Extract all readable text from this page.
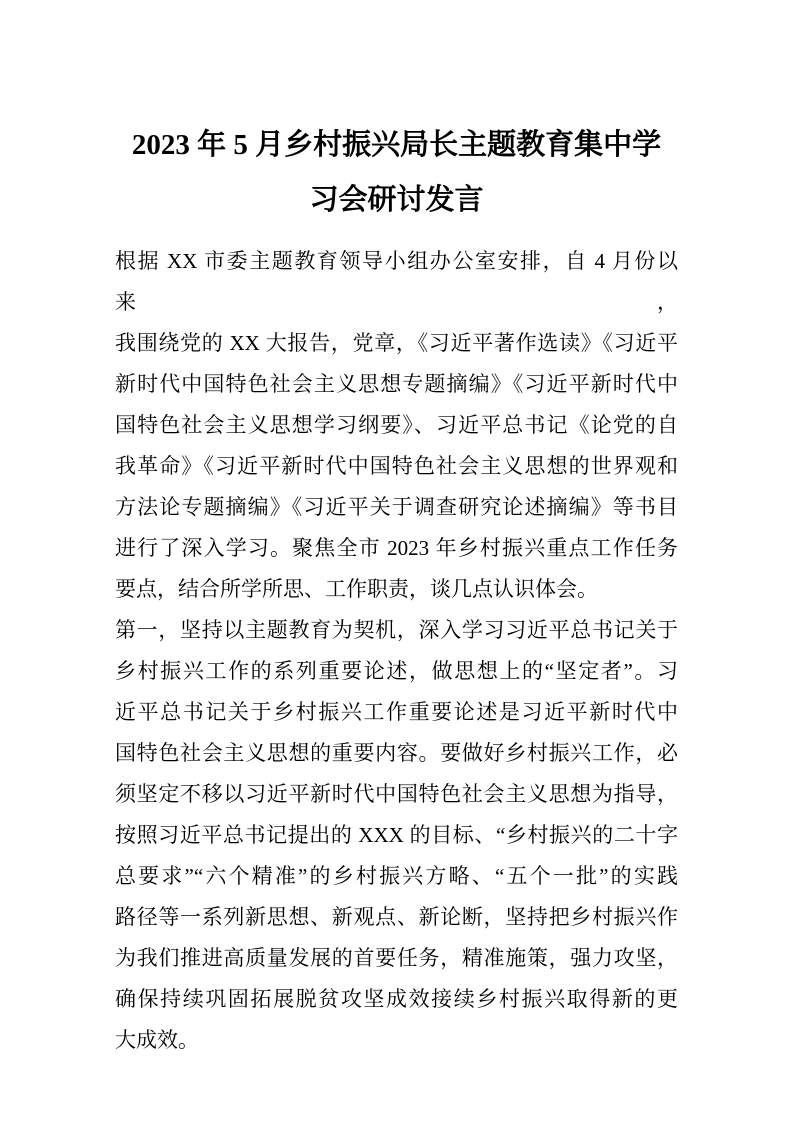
2023 年 5 月乡村振兴局长主题教育集中学
习会研讨发言
根据 XX 市委主题教育领导小组办公室安排，自 4 月份以来，
我围绕党的 XX 大报告，党章，《习近平著作选读》《习近平
新时代中国特色社会主义思想专题摘编》《习近平新时代中
国特色社会主义思想学习纲要》、习近平总书记《论党的自
我革命》《习近平新时代中国特色社会主义思想的世界观和
方法论专题摘编》《习近平关于调查研究论述摘编》等书目
进行了深入学习。聚焦全市 2023 年乡村振兴重点工作任务
要点，结合所学所思、工作职责，谈几点认识体会。
第一，坚持以主题教育为契机，深入学习习近平总书记关于
乡村振兴工作的系列重要论述，做思想上的“坚定者”。习
近平总书记关于乡村振兴工作重要论述是习近平新时代中
国特色社会主义思想的重要内容。要做好乡村振兴工作，必
须坚定不移以习近平新时代中国特色社会主义思想为指导，
按照习近平总书记提出的 XXX 的目标、“乡村振兴的二十字
总要求”“六个精准”的乡村振兴方略、“五个一批”的实践
路径等一系列新思想、新观点、新论断，坚持把乡村振兴作
为我们推进高质量发展的首要任务，精准施策，强力攻坚，
确保持续巩固拓展脱贫攻坚成效接续乡村振兴取得新的更
大成效。
